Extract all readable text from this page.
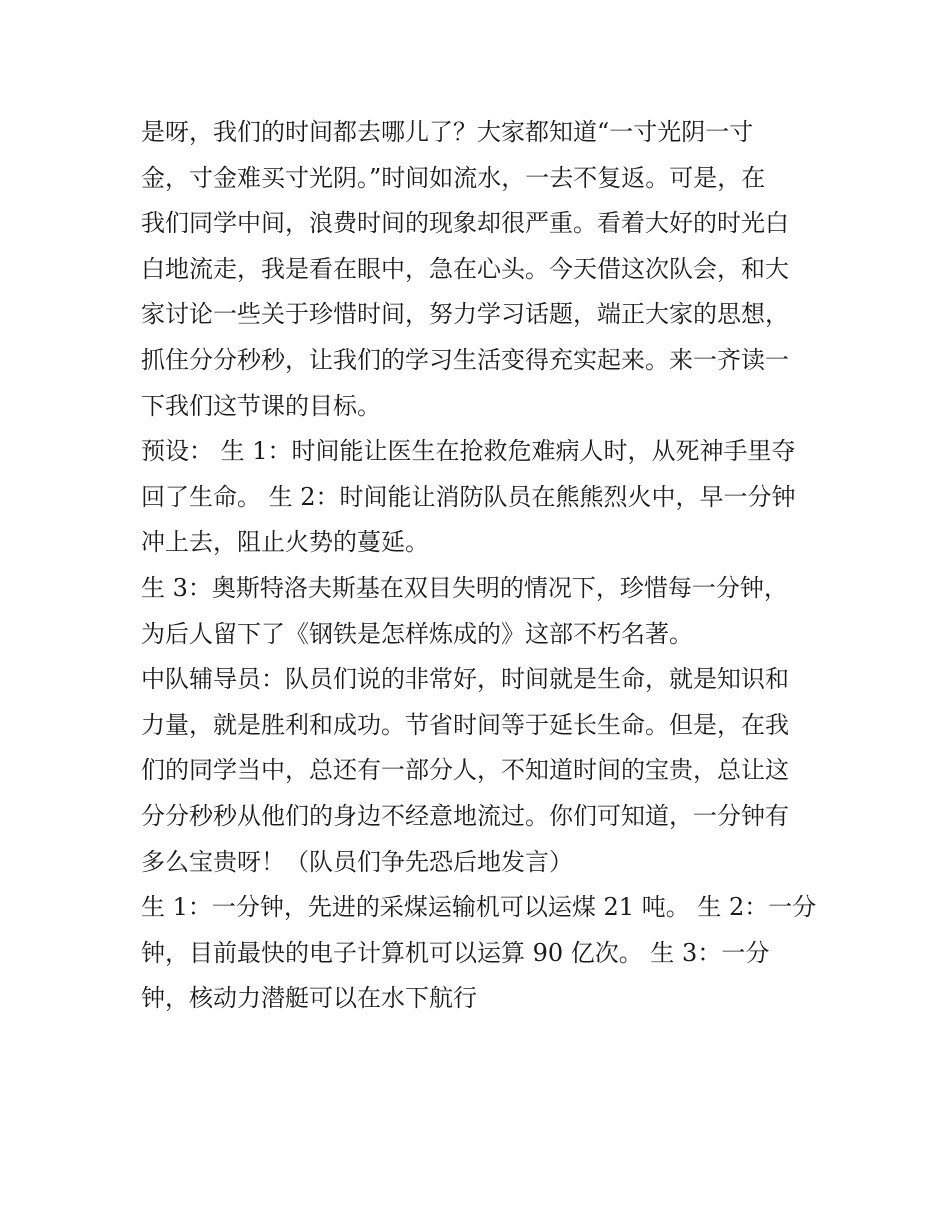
是呀，我们的时间都去哪儿了？大家都知道“一寸光阴一寸
金，寸金难买寸光阴。”时间如流水，一去不复返。可是，在
我们同学中间，浪费时间的现象却很严重。看着大好的时光白
白地流走，我是看在眼中，急在心头。今天借这次队会，和大
家讨论一些关于珍惜时间，努力学习话题，端正大家的思想，
抓住分分秒秒，让我们的学习生活变得充实起来。来一齐读一
下我们这节课的目标。
预设： 生 1：时间能让医生在抢救危难病人时，从死神手里夺
回了生命。 生 2：时间能让消防队员在熊熊烈火中，早一分钟
冲上去，阻止火势的蔓延。
生 3：奥斯特洛夫斯基在双目失明的情况下，珍惜每一分钟，
为后人留下了《钢铁是怎样炼成的》这部不朽名著。
中队辅导员：队员们说的非常好，时间就是生命，就是知识和
力量，就是胜利和成功。节省时间等于延长生命。但是，在我
们的同学当中，总还有一部分人，不知道时间的宝贵，总让这
分分秒秒从他们的身边不经意地流过。你们可知道，一分钟有
多么宝贵呀！（队员们争先恐后地发言）
生 1：一分钟，先进的采煤运输机可以运煤 21 吨。 生 2：一分
钟，目前最快的电子计算机可以运算 90 亿次。 生 3：一分
钟，核动力潜艇可以在水下航行
